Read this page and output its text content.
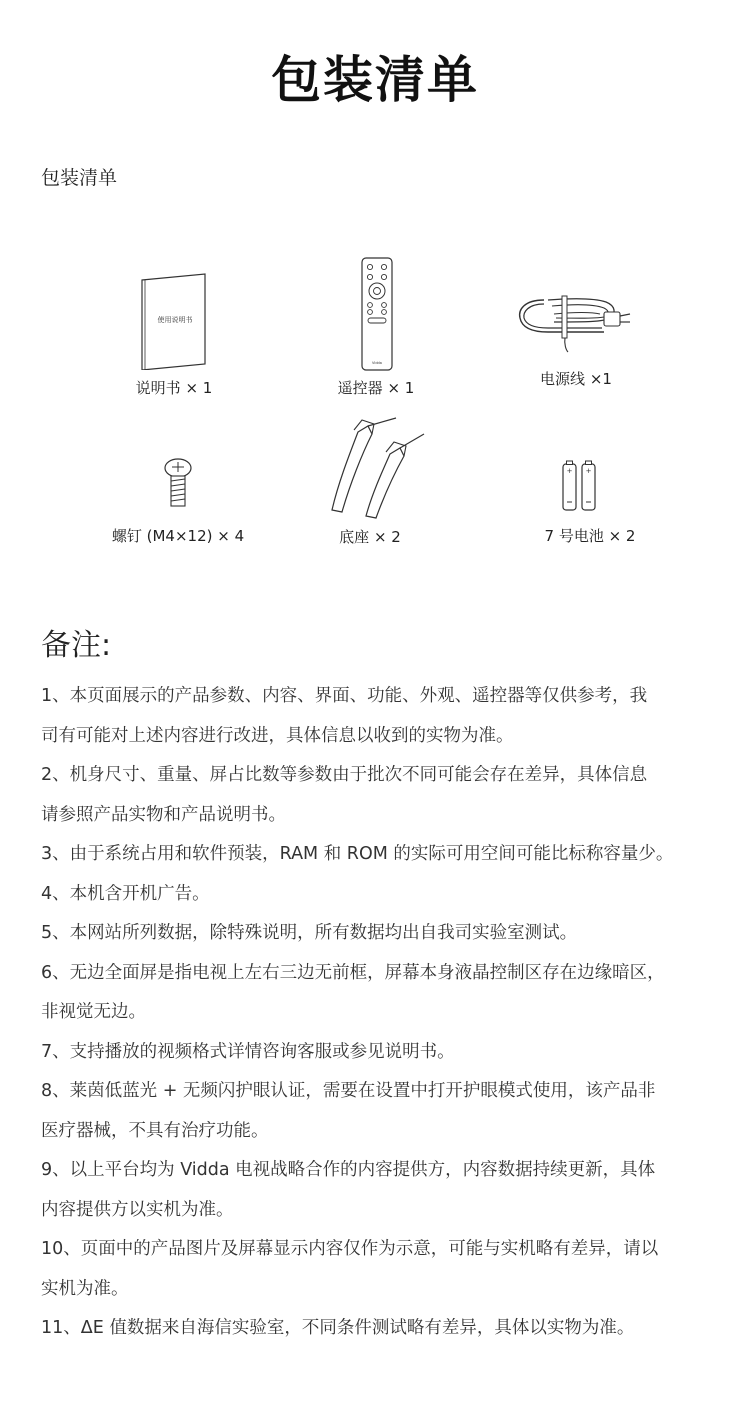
包装清单
包装清单
使用说明书
说明书 × 1
Vidda
遥控器 × 1	电源线 ×1
螺钉 (M4×12) × 4	底座 × 2
+ +
7 号电池 × 2
备注:

1、本页面展示的产品参数、内容、界面、功能、外观、遥控器等仅供参考，我

司有可能对上述内容进行改进，具体信息以收到的实物为准。

2、机身尺寸、重量、屏占比数等参数由于批次不同可能会存在差异，具体信息

请参照产品实物和产品说明书。

3、由于系统占用和软件预装，RAM 和 ROM 的实际可用空间可能比标称容量少。

4、本机含开机广告。

5、本网站所列数据，除特殊说明，所有数据均出自我司实验室测试。

6、无边全面屏是指电视上左右三边无前框，屏幕本身液晶控制区存在边缘暗区，

非视觉无边。

7、支持播放的视频格式详情咨询客服或参见说明书。

8、莱茵低蓝光 + 无频闪护眼认证，需要在设置中打开护眼模式使用，该产品非

医疗器械，不具有治疗功能。

9、以上平台均为 Vidda 电视战略合作的内容提供方，内容数据持续更新，具体

内容提供方以实机为准。

10、页面中的产品图片及屏幕显示内容仅作为示意，可能与实机略有差异，请以

实机为准。

11、ΔE 值数据来自海信实验室，不同条件测试略有差异，具体以实物为准。
